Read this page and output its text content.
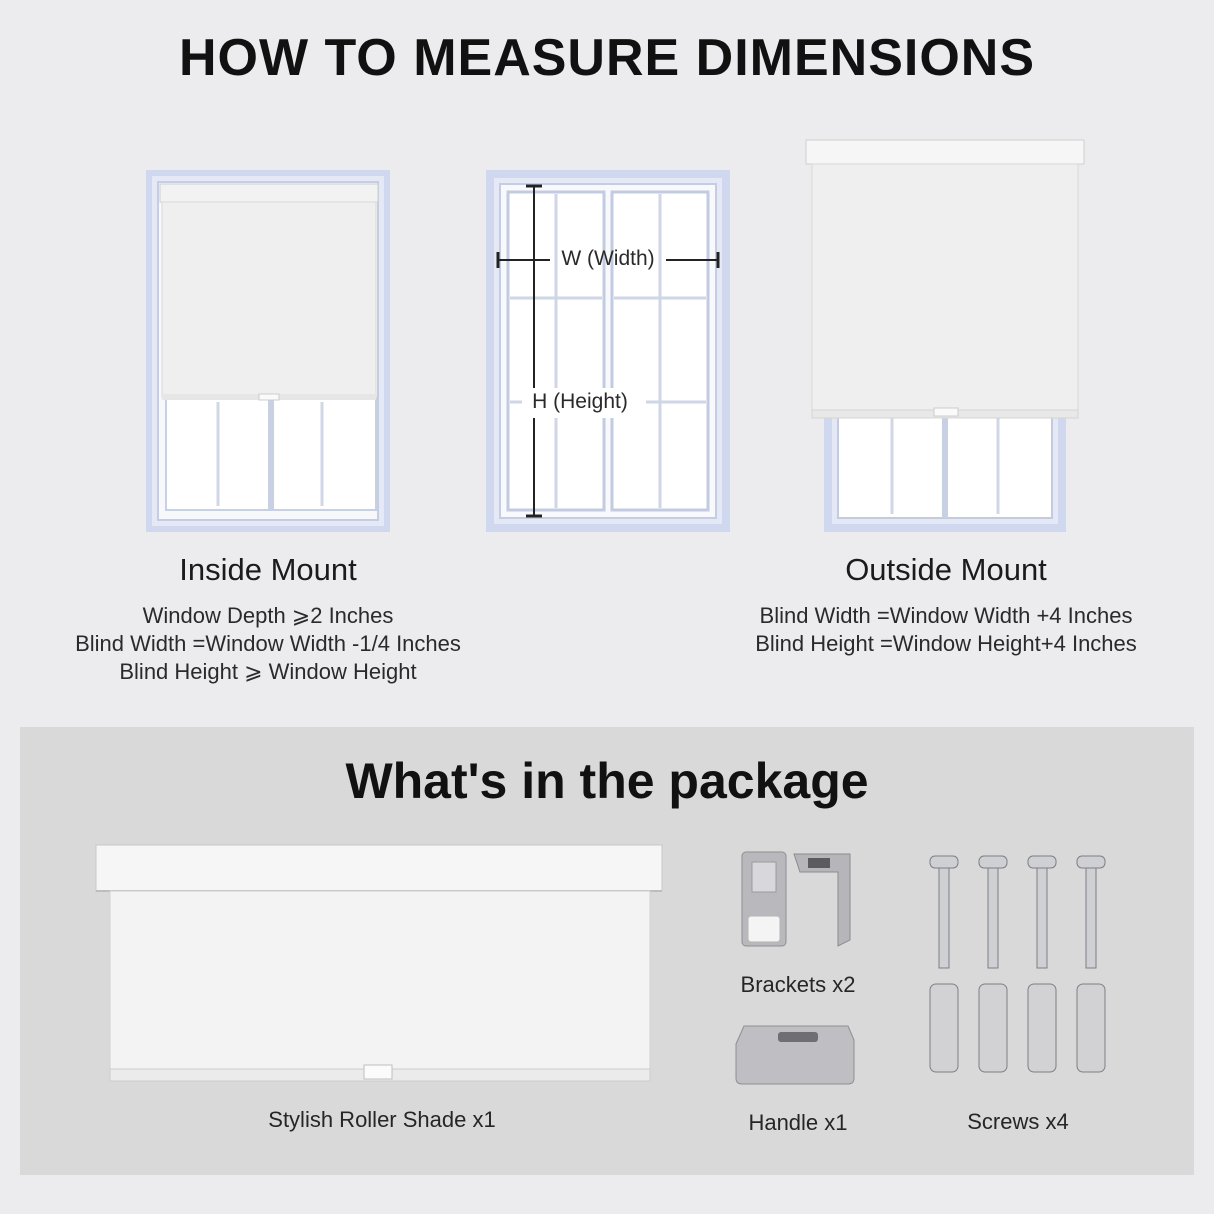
HOW TO MEASURE DIMENSIONS
W (Width)
H (Height)
Inside Mount
Window Depth ⩾2 Inches
Blind Width =Window Width -1/4 Inches
Blind Height ⩾ Window Height
Outside Mount
Blind Width =Window Width +4 Inches
Blind Height =Window Height+4 Inches
What's in the package
Stylish Roller Shade x1
Brackets x2
Handle x1	Screws x4
